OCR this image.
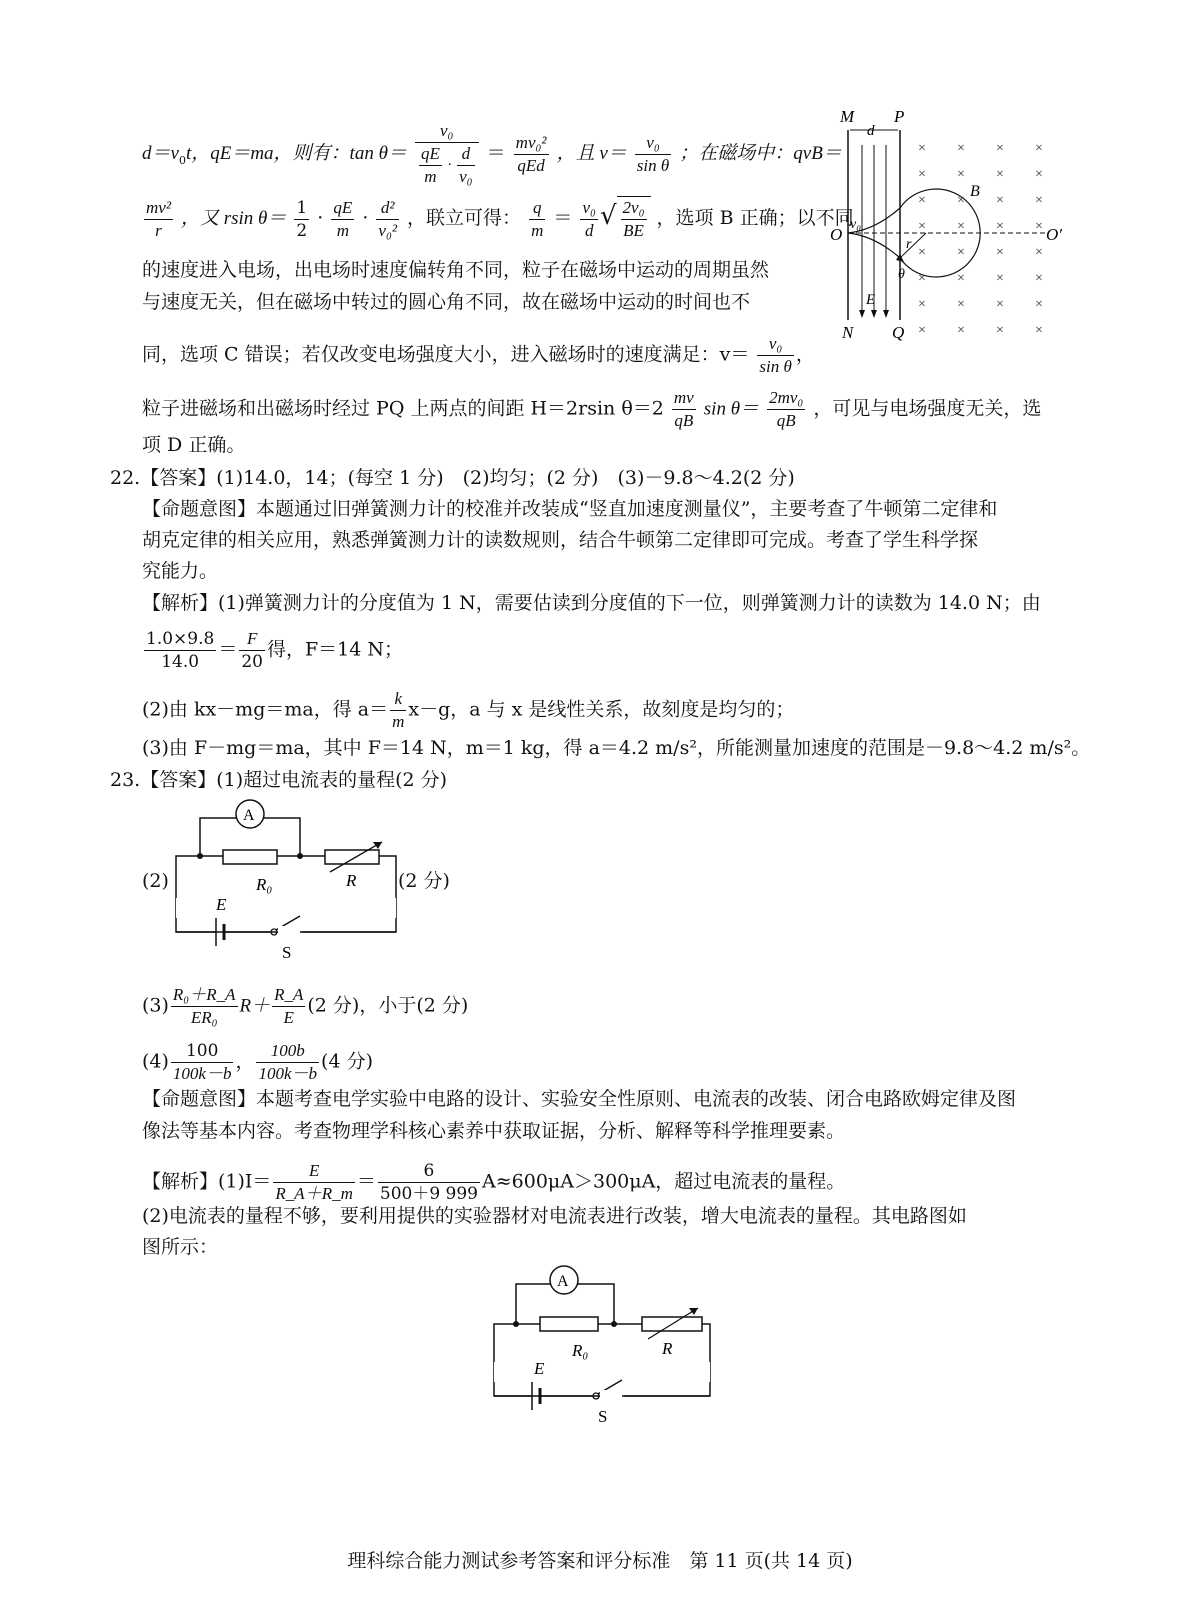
$d=v_0t$，qE＝ma，则有：tan θ＝
v₀
$\frac{qE}{m} \cdot \frac{d}{\text{v₀}} = mv_0^2$
qEd
，且 $v= \frac{\text{v₀}}{\text{sin θ}}$ ；在磁场中：qvB＝
$\frac{\text{mv²}}{r}$ ，又 rsin $\theta= \frac{1}{2} \cdot \frac{qE}{m} \cdot \frac{\text{d²}}{\text{v₀²}}$ ，联立可得： $\frac{q}{m} = \frac{\text{v₀}}{d}$ √ $\frac{\text{2v₀}}{BE}$ ，选项 B 正确；以不同
的速度进入电场，出电场时速度偏转角不同，粒子在磁场中运动的周期虽然
与速度无关，但在磁场中转过的圆心角不同，故在磁场中运动的时间也不
同，选项 C 错误；若仅改变电场强度大小，进入磁场时的速度满足：$v= \frac{\text{v₀}}{\text{sin θ}}$ ，
粒子进磁场和出磁场时经过 PQ 上两点的间距 H＝2rsin $\theta=2 \frac{mv}{qB}$ $\sin \theta= \frac{\text{2mv₀}}{qB}$ ，可见与电场强度无关，选
项 D 正确。
d
M P
N Q
O	O′
v₀
r
θ
B
E
× × × ×
× × × ×
× × × ×
× × × ×
× × × ×
× × × ×
× × × ×
× × × ×
22.【答案】(1)14.0，14；(每空 1 分)　(2)均匀；(2 分)　(3)－9.8～4.2(2 分)
【命题意图】本题通过旧弹簧测力计的校准并改装成“竖直加速度测量仪”，主要考查了牛顿第二定律和
胡克定律的相关应用，熟悉弹簧测力计的读数规则，结合牛顿第二定律即可完成。考查了学生科学探
究能力。
【解析】(1)弹簧测力计的分度值为 1 N，需要估读到分度值的下一位，则弹簧测力计的读数为 14.0 N；由
$\frac{1.0\times 9.8}{14.0} = \frac{F}{20}$ 得，F＝14 N；
(2)由 kx－mg＝ma，得 $a= \frac{k}{m} x-g$，a 与 x 是线性关系，故刻度是均匀的；
(3)由 F－mg＝ma，其中 F＝14 N，m＝1 kg，得 a＝4.2 m/s²，所能测量加速度的范围是－9.8～4.2 m/s²。
23.【答案】(1)超过电流表的量程(2 分)
(2)	(2 分)
A
R₀	R
E
S
$(3) \frac{\text{R₀＋R\_A}}{\text{ER₀}} R+ \frac{R\_A}{E} (2$ 分)，小于(2 分)
$(4) \frac{100}{100k-b}$ ， $\frac{100b}{100k-b} (4$ 分)
【命题意图】本题考查电学实验中电路的设计、实验安全性原则、电流表的改装、闭合电路欧姆定律及图
像法等基本内容。考查物理学科核心素养中获取证据，分析、解释等科学推理要素。
【解析】$(1)I= \frac{E}{R\_A+R\_m} = \frac{6}{500+9 999} A\approx 600\mu A>300\mu A$，超过电流表的量程。
(2)电流表的量程不够，要利用提供的实验器材对电流表进行改装，增大电流表的量程。其电路图如
图所示：
A
R₀	R
E
S
理科综合能力测试参考答案和评分标准　第 11 页(共 14 页)
